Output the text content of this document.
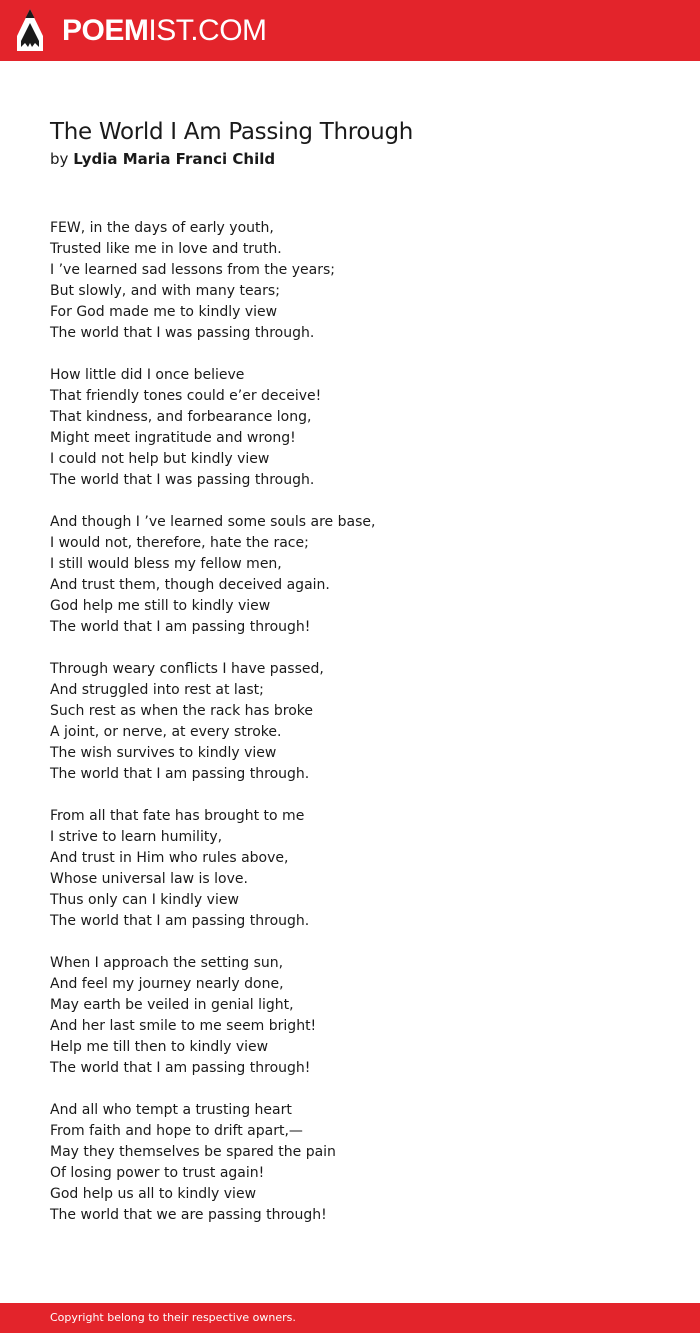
POEMIST.COM
The World I Am Passing Through
by Lydia Maria Franci Child
FEW, in the days of early youth,
Trusted like me in love and truth.
I ’ve learned sad lessons from the years;
But slowly, and with many tears;
For God made me to kindly view
The world that I was passing through.
How little did I once believe
That friendly tones could e’er deceive!
That kindness, and forbearance long,
Might meet ingratitude and wrong!
I could not help but kindly view
The world that I was passing through.
And though I ’ve learned some souls are base,
I would not, therefore, hate the race;
I still would bless my fellow men,
And trust them, though deceived again.
God help me still to kindly view
The world that I am passing through!
Through weary conflicts I have passed,
And struggled into rest at last;
Such rest as when the rack has broke
A joint, or nerve, at every stroke.
The wish survives to kindly view
The world that I am passing through.
From all that fate has brought to me
I strive to learn humility,
And trust in Him who rules above,
Whose universal law is love.
Thus only can I kindly view
The world that I am passing through.
When I approach the setting sun,
And feel my journey nearly done,
May earth be veiled in genial light,
And her last smile to me seem bright!
Help me till then to kindly view
The world that I am passing through!
And all who tempt a trusting heart
From faith and hope to drift apart,—
May they themselves be spared the pain
Of losing power to trust again!
God help us all to kindly view
The world that we are passing through!
Copyright belong to their respective owners.
